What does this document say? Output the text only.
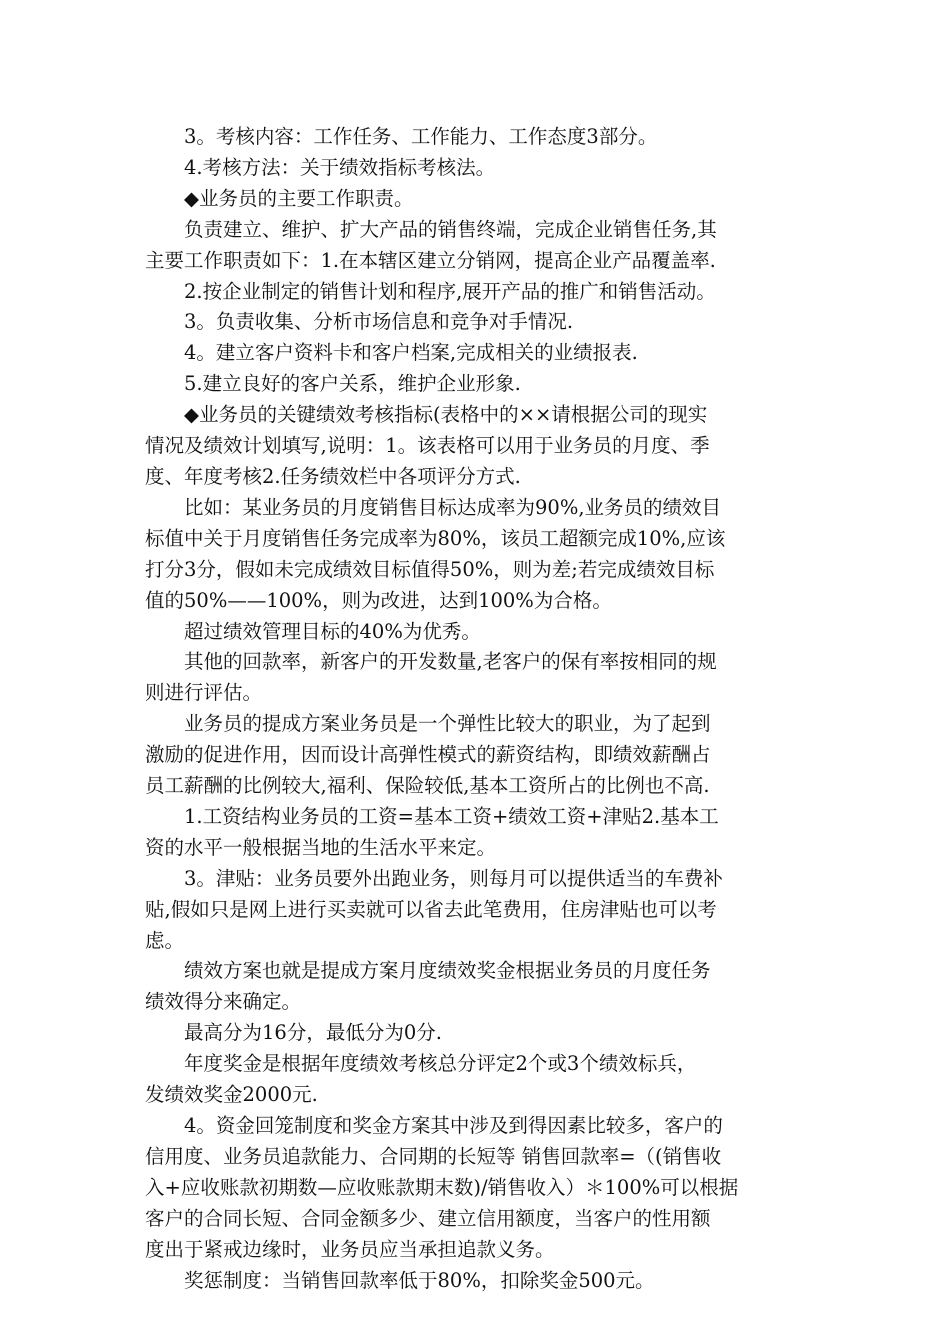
3。考核内容：工作任务、工作能力、工作态度3部分。
4.考核方法：关于绩效指标考核法。
◆业务员的主要工作职责。
负责建立、维护、扩大产品的销售终端，完成企业销售任务,其
主要工作职责如下：1.在本辖区建立分销网，提高企业产品覆盖率.
2.按企业制定的销售计划和程序,展开产品的推广和销售活动。
3。负责收集、分析市场信息和竞争对手情况.
4。建立客户资料卡和客户档案,完成相关的业绩报表.
5.建立良好的客户关系，维护企业形象.
◆业务员的关键绩效考核指标(表格中的××请根据公司的现实
情况及绩效计划填写,说明：1。该表格可以用于业务员的月度、季
度、年度考核2.任务绩效栏中各项评分方式.
比如：某业务员的月度销售目标达成率为90%,业务员的绩效目
标值中关于月度销售任务完成率为80%，该员工超额完成10%,应该
打分3分，假如未完成绩效目标值得50%，则为差;若完成绩效目标
值的50%——100%，则为改进，达到100%为合格。
超过绩效管理目标的40%为优秀。
其他的回款率，新客户的开发数量,老客户的保有率按相同的规
则进行评估。
业务员的提成方案业务员是一个弹性比较大的职业，为了起到
激励的促进作用，因而设计高弹性模式的薪资结构，即绩效薪酬占
员工薪酬的比例较大,福利、保险较低,基本工资所占的比例也不高.
1.工资结构业务员的工资=基本工资+绩效工资+津贴2.基本工
资的水平一般根据当地的生活水平来定。
3。津贴：业务员要外出跑业务，则每月可以提供适当的车费补
贴,假如只是网上进行买卖就可以省去此笔费用，住房津贴也可以考
虑。
绩效方案也就是提成方案月度绩效奖金根据业务员的月度任务
绩效得分来确定。
最高分为16分，最低分为0分.
年度奖金是根据年度绩效考核总分评定2个或3个绩效标兵，
发绩效奖金2000元.
4。资金回笼制度和奖金方案其中涉及到得因素比较多，客户的
信用度、业务员追款能力、合同期的长短等 销售回款率=（(销售收
入+应收账款初期数—应收账款期末数)/销售收入）＊100%可以根据
客户的合同长短、合同金额多少、建立信用额度，当客户的性用额
度出于紧戒边缘时，业务员应当承担追款义务。
奖惩制度：当销售回款率低于80%，扣除奖金500元。
